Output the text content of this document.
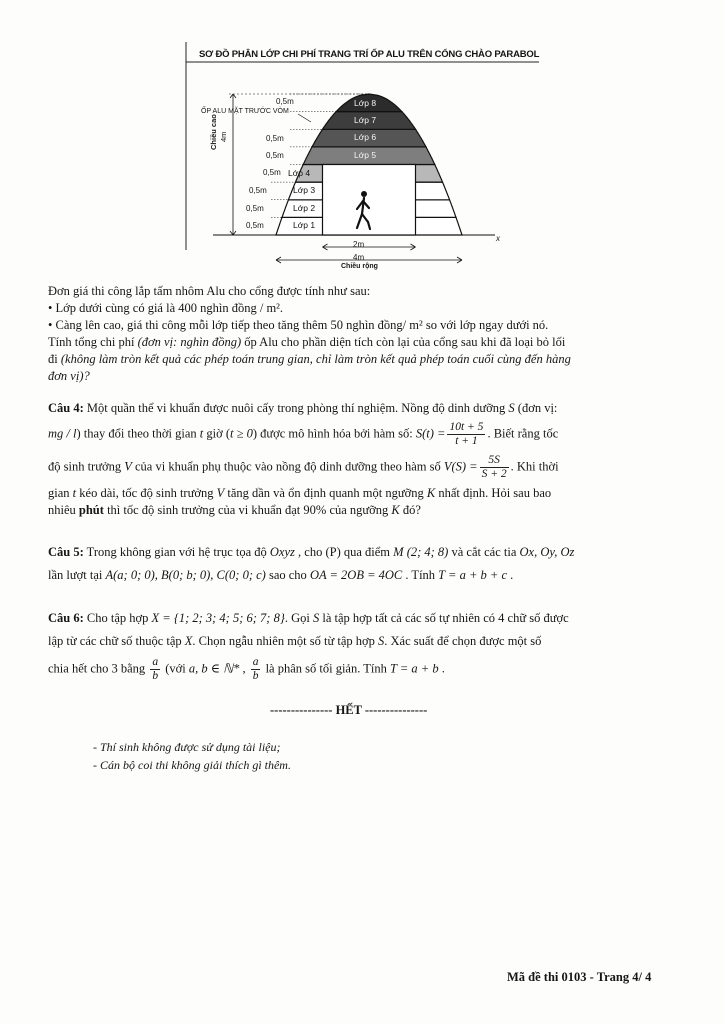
SƠ ĐỒ PHÂN LỚP CHI PHÍ TRANG TRÍ ỐP ALU TRÊN CỔNG CHÀO PARABOL
ỐP ALU MẶT TRƯỚC VÒM
Chiều cao 4m
2m
4m
Chiều rộng
x
0,5m
0,5m
0,5m
0,5m
0,5m
0,5m
0,5m
Lớp 8
Lớp 7
Lớp 6
Lớp 5
Lớp 4
Lớp 3
Lớp 2
Lớp 1

Đơn giá thi công lắp tấm nhôm Alu cho cổng được tính như sau:

• Lớp dưới cùng có giá là 400 nghìn đồng / m².

• Càng lên cao, giá thi công mỗi lớp tiếp theo tăng thêm 50 nghìn đồng/ m² so với lớp ngay dưới nó.

Tính tổng chi phí (đơn vị: nghìn đồng) ốp Alu cho phần diện tích còn lại của cổng sau khi đã loại bỏ lối

đi (không làm tròn kết quả các phép toán trung gian, chỉ làm tròn kết quả phép toán cuối cùng đến hàng

đơn vị)?

Câu 4: Một quần thể vi khuẩn được nuôi cấy trong phòng thí nghiệm. Nồng độ dinh dưỡng S (đơn vị:

mg / l) thay đổi theo thời gian t giờ (t ≥ 0) được mô hình hóa bởi hàm số: $S(t) = \frac{10t + 5}{t + 1}$ . Biết rằng tốc

độ sinh trưởng V của vi khuẩn phụ thuộc vào nồng độ dinh dưỡng theo hàm số $V(S) = \frac{5S}{S + 2}$ . Khi thời

gian t kéo dài, tốc độ sinh trưởng V tăng dần và ổn định quanh một ngưỡng K nhất định. Hỏi sau bao

nhiêu phút thì tốc độ sinh trưởng của vi khuẩn đạt 90% của ngưỡng K đó?

Câu 5: Trong không gian với hệ trục tọa độ Oxyz , cho (P) qua điểm M (2; 4; 8) và cắt các tia Ox, Oy, Oz

lần lượt tại A(a; 0; 0), B(0; b; 0), C(0; 0; c) sao cho OA = 2OB = 4OC . Tính T = a + b + c .

Câu 6: Cho tập hợp X = {1; 2; 3; 4; 5; 6; 7; 8}. Gọi S là tập hợp tất cả các số tự nhiên có 4 chữ số được

lập từ các chữ số thuộc tập X. Chọn ngẫu nhiên một số từ tập hợp S. Xác suất để chọn được một số

chia hết cho 3 bằng $\frac{a}{b}$ (với a, b ∈ ℕ* , $\frac{a}{b}$ là phân số tối giản. Tính T = a + b .

--------------- HẾT ---------------

- Thí sinh không được sử dụng tài liệu;

- Cán bộ coi thi không giải thích gì thêm.

Mã đề thi 0103 - Trang 4/ 4
